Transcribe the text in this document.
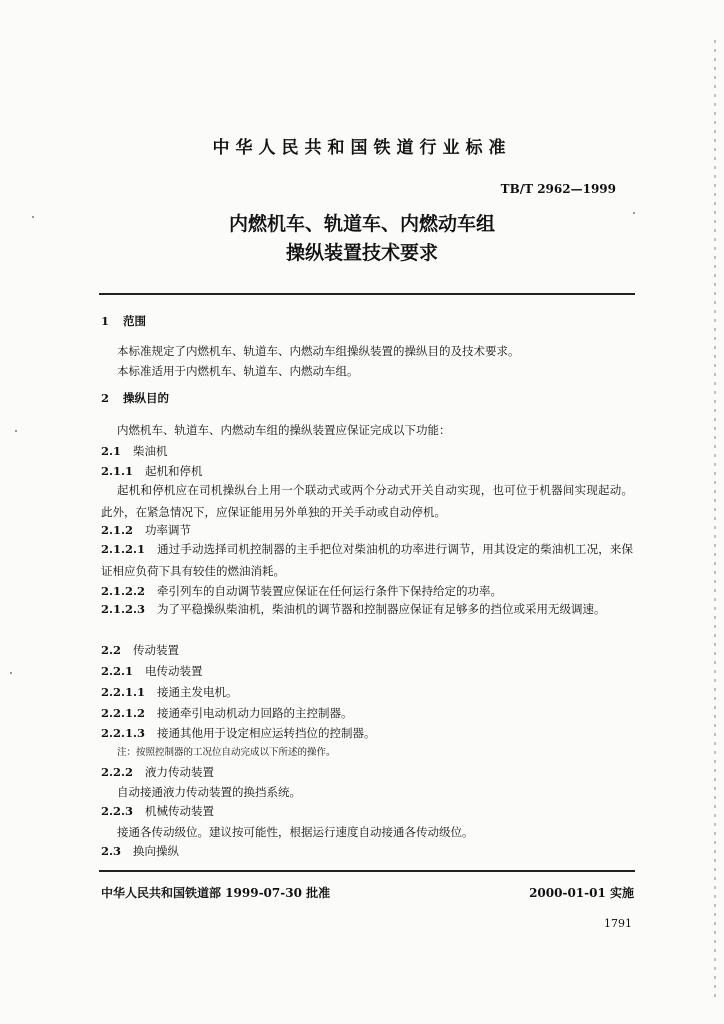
中华人民共和国铁道行业标准
TB/T 2962—1999
内燃机车、轨道车、内燃动车组
操纵装置技术要求
1 范围
本标准规定了内燃机车、轨道车、内燃动车组操纵装置的操纵目的及技术要求。
本标准适用于内燃机车、轨道车、内燃动车组。
2 操纵目的
内燃机车、轨道车、内燃动车组的操纵装置应保证完成以下功能：
2.1 柴油机
2.1.1 起机和停机
起机和停机应在司机操纵台上用一个联动式或两个分动式开关自动实现，也可位于机器间实现起动。此外，在紧急情况下，应保证能用另外单独的开关手动或自动停机。
2.1.2 功率调节
2.1.2.1 通过手动选择司机控制器的主手把位对柴油机的功率进行调节，用其设定的柴油机工况，来保证相应负荷下具有较佳的燃油消耗。
2.1.2.2 牵引列车的自动调节装置应保证在任何运行条件下保持给定的功率。
2.1.2.3 为了平稳操纵柴油机，柴油机的调节器和控制器应保证有足够多的挡位或采用无级调速。
2.2 传动装置
2.2.1 电传动装置
2.2.1.1 接通主发电机。
2.2.1.2 接通牵引电动机动力回路的主控制器。
2.2.1.3 接通其他用于设定相应运转挡位的控制器。
注：按照控制器的工况位自动完成以下所述的操作。
2.2.2 液力传动装置
自动接通液力传动装置的换挡系统。
2.2.3 机械传动装置
接通各传动级位。建议按可能性，根据运行速度自动接通各传动级位。
2.3 换向操纵
中华人民共和国铁道部 1999-07-30 批准	2000-01-01 实施
1791
